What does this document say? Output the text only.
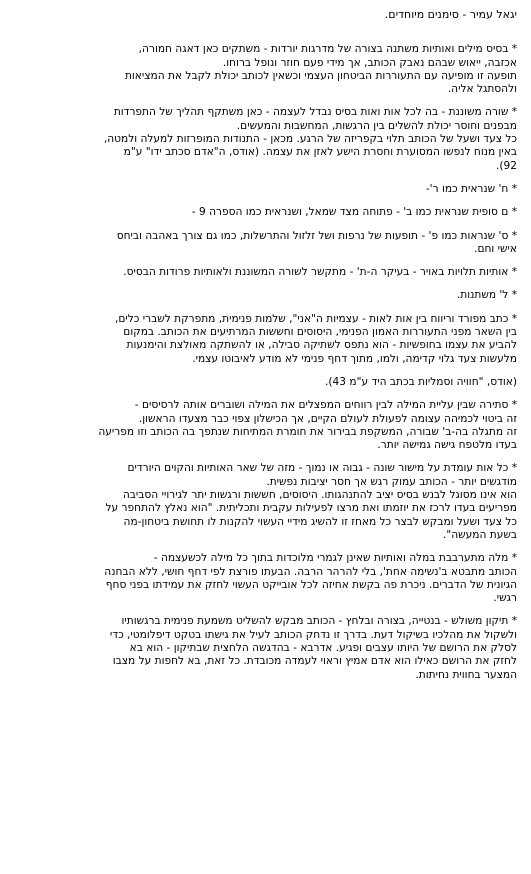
יגאל עמיר - סימנים מיוחדים.

* בסיס מילים ואותיות משתנה בצורה של מדרגות יורדות - משתקים כאן דאגה חמורה,
אכזבה, ייאוש שבהם נאבק הכותב, אך מידי פעם חוזר ונופל ברוחו.
תופעה זו מופיעה עם התעוררות הביטחון העצמי וכשאין לכותב יכולת לקבל את המציאות
ולהסתגל אליה.

* שורה משוננת - בה לכל אות ואות בסיס נבדל לעצמה - כאן משתקף תהליך של התפרדות
מבפנים וחוסר יכולת להשלים בין הרגשות, המחשבות והמעשים.
כל צעד ושעל של הכותב תלוי בקפריזה של הרגע. מכאן - התנודות המופרזות למעלה ולמטה,
באין מנוח לנפשו המסוערת וחסרת הישע לאזן את עצמה. (אודס, ה"אדם סכתב ידו" ע"מ
92).

* ח' שנראית כמו ר'-

* ם סופית שנראית כמו ב' - פתוחה מצד שמאל, ושנראית כמו הספרה 9 -

* ס' שנראות כמו פ' - תופעות של נרפות ושל זלזול והתרשלות, כמו גם צורך באהבה וביחס
אישי וחם.

* אותיות תלויות באויר - בעיקר ה-ת' - מתקשר לשורה המשוננת ולאותיות פרודות הבסיס.

* ל' משתנות.

* כתב מפורד וריווח בין אות לאות - עצמיות ה"אני", שלמות פנימית, מתפרקת לשברי כלים,
בין השאר מפני התעוררות האמון הפנימי, היסוסים וחששות המרתיעים את הכותב. במקום
להביע את עצמו בחופשיות - הוא נתפס לשתיקה סבילה, או להשתקה מאולצת והימנעות
מלעשות צעד גלוי קדימה, ולמו, מתוך דחף פנימי לא מודע לאיבוטו עצמי.

(אודס, "חוויה וסמליות בכתב היד ע"מ 43).

* סתירה שבין עליית המילה לבין רווחים המפצלים את המילה ושוברים אותה לרסיסים -
זה ביטוי לכמיהה עצומה לפעולת לעולם הקיים, אך הכישלון צפוי כבר מצעדו הראשון.
זה מתגלה בה-ב' שבורה, המשקפת בבירור את חומרת המתיחות שנתפך בה הכותב וזו מפריעה
בעדו מלטפח גישה גמישה יותר.

* כל אות עומדת על מישור שונה - גבוה או נמוך - מזה של שאר האותיות והקוים היורדים
מודגשים יותר - הכותב עמוק רגש אך חסר יציבות נפשית.
הוא אינו מסוגל לבנש בסיס יציב להתנהגותו. היסוסים, חששות ורגשות יתר לגירויי הסביבה
מפריעים בעדו לרכז את יוזמתו ואת מרצו לפעילות עקבית ותכליתית. "הוא נאלץ להתחפר על
כל צעד ושעל ומבקש לבצר כל מאחז זו להשיג מידיי העשוי להקנות לו תחושת ביטחון-מה
בשעת המעשה".

* מלה מתערבבת במלה ואותיות שאינן לגמרי מלוכדות בתוך כל מילה לכשעצמה -
הכותב מתבטא ב'נשימה אחת', בלי להרהר הרבה. הבעתו פורצת לפי דחף חושי, ללא הבחנה
הגיונית של הדברים. ניכרת פה בקשת אחיזה לכל אובייקט העשוי לחזק את עמידתו בפני סחף
רגשי.

* תיקון משולש - בנטייה, בצורה ובלחץ - הכותב מבקש להשליט משמעת פנימית ברגשותיו
ולשקול את מהלכיו בשיקול דעת. בדרך זו נדחק הכותב לעיל את גישתו בטקט דיפלומטי, כדי
לסלק את הרושם של היותו עצבים ופגיע. אדרבא - בהדגשה הלחצית שבתיקון - הוא בא
לחזק את הרושם כאילו הוא אדם אמיץ וראוי לעמדה מכובדת. כל זאת, בא לחפות על מצבו
המצער בחווית נחיתות.
